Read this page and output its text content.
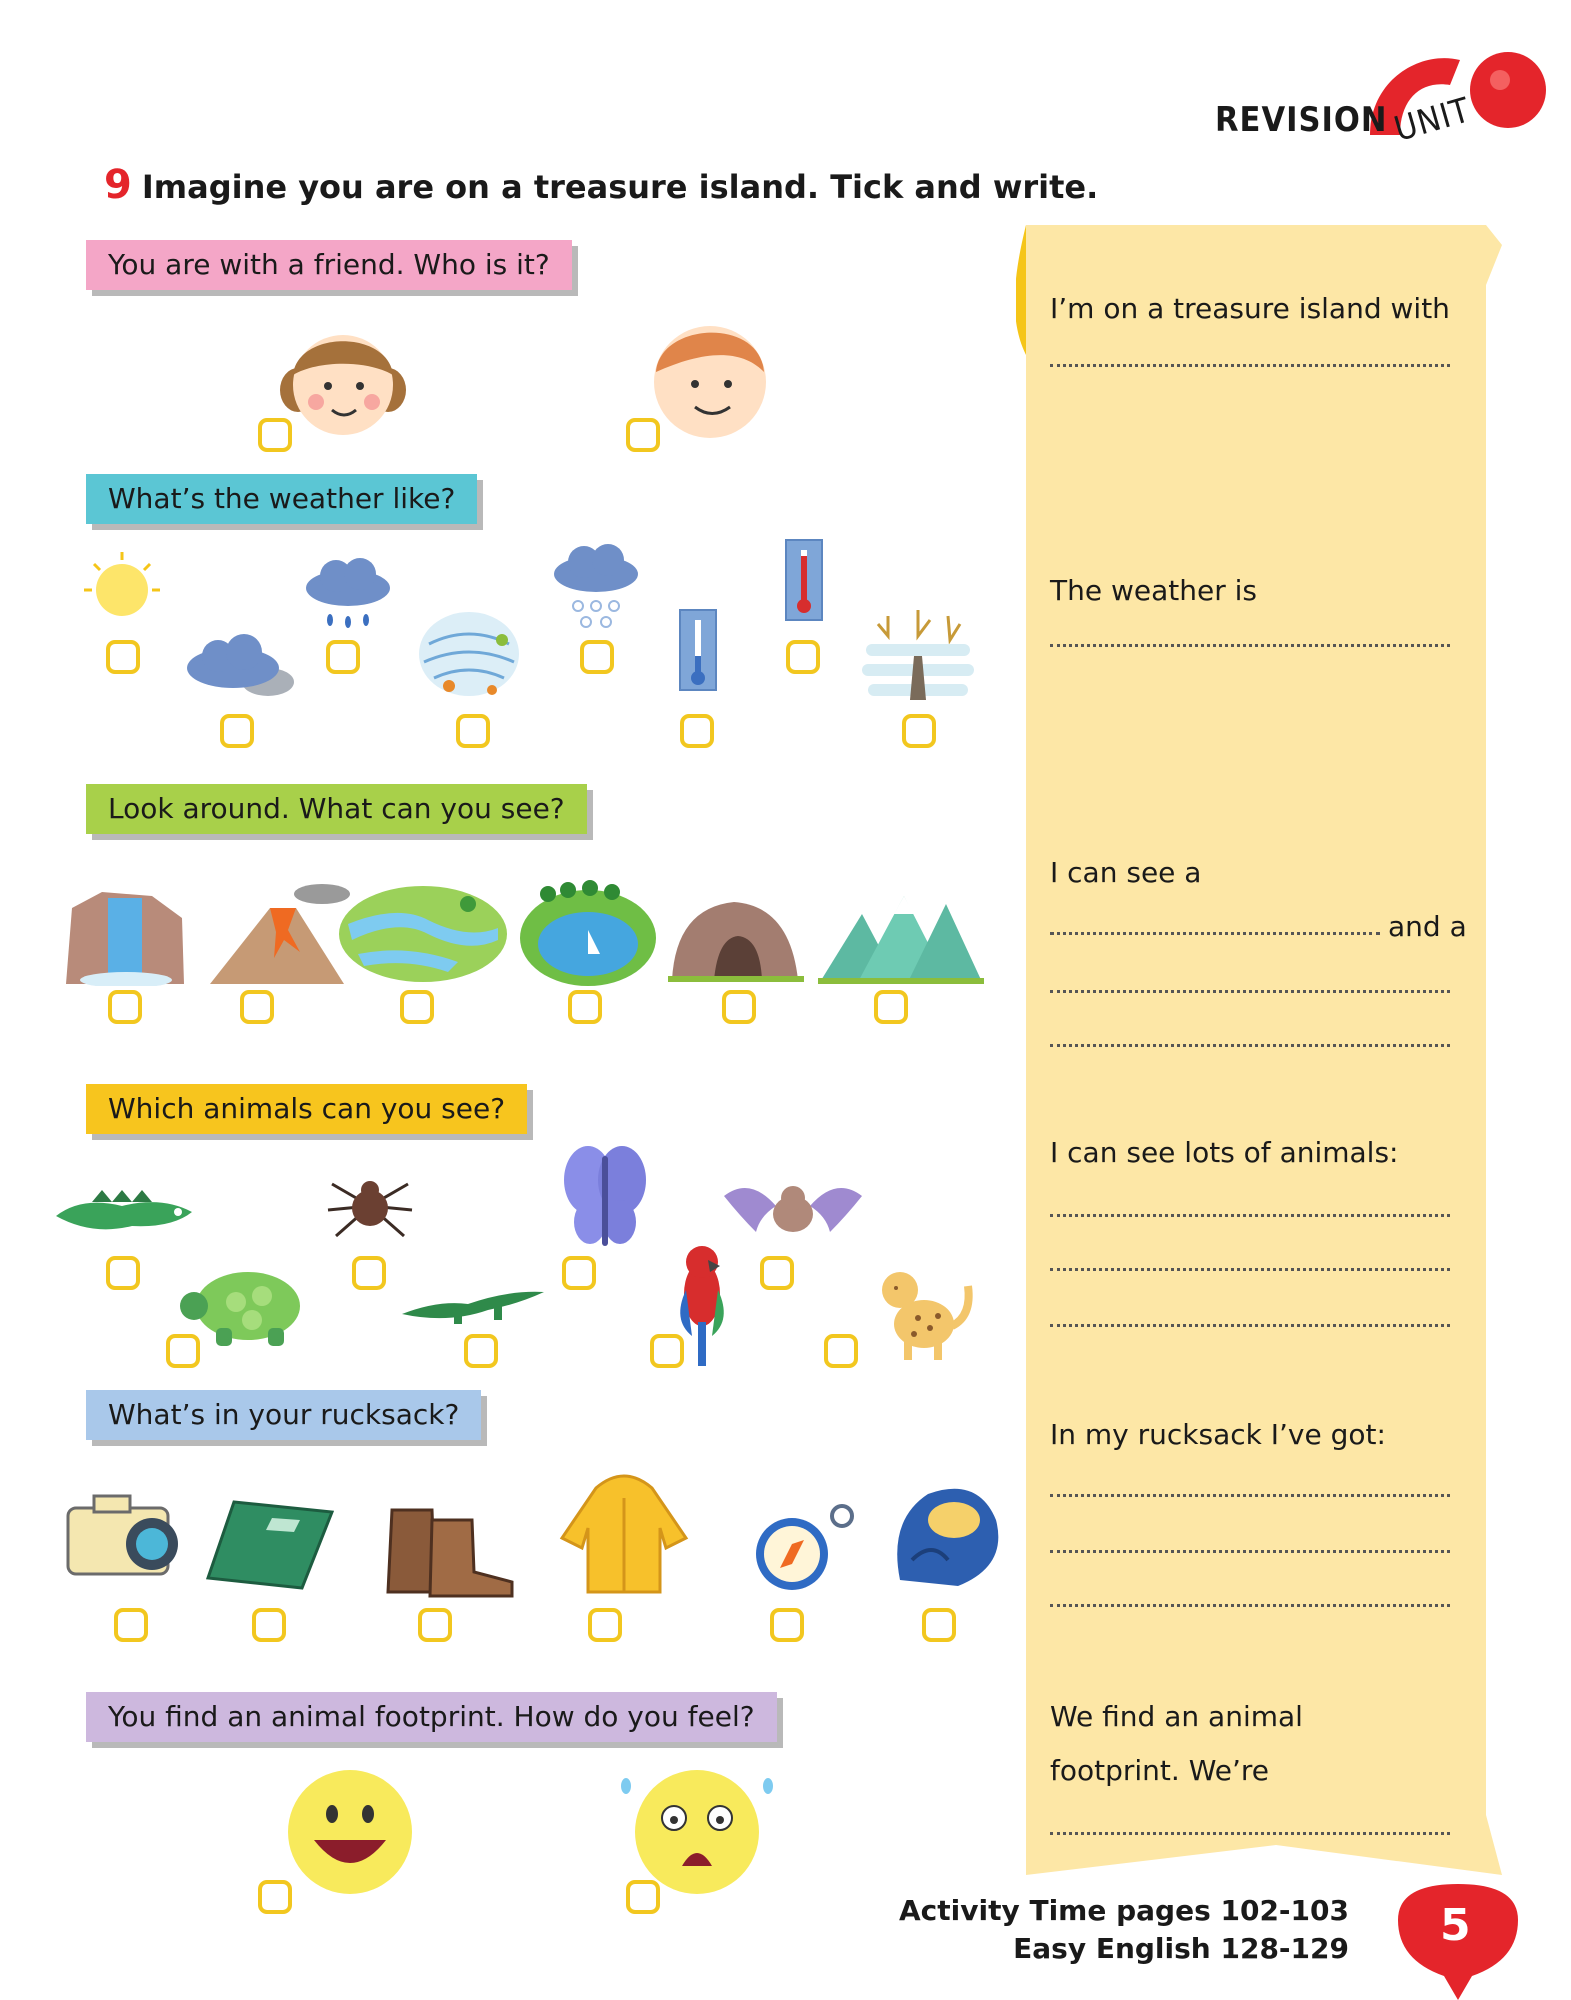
REVISIONUNIT
9 Imagine you are on a treasure island. Tick and write.
You are with a friend. Who is it?
What’s the weather like?
Look around. What can you see?
Which animals can you see?
What’s in your rucksack?
You find an animal footprint. How do you feel?
I’m on a treasure island with
The weather is
I can see a
and a
I can see lots of animals:
In my rucksack I’ve got:
We find an animal
footprint. We’re
Activity Time pages 102-103
Easy English 128-129 5
